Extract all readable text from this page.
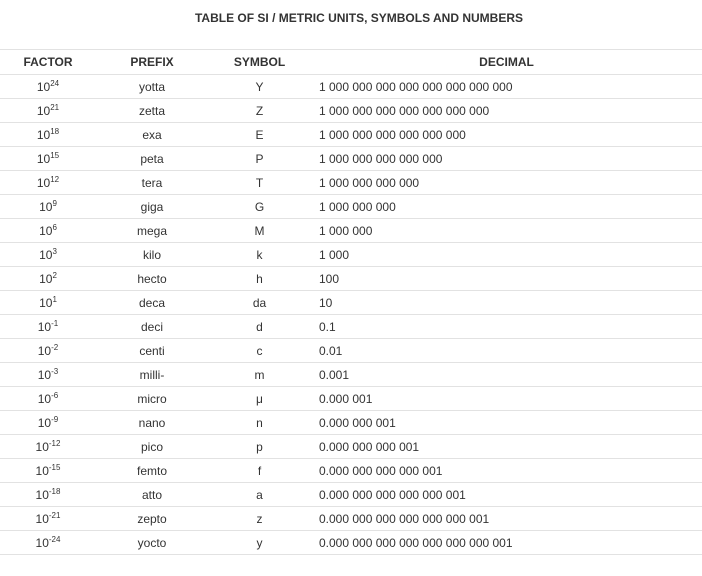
TABLE OF SI / METRIC UNITS, SYMBOLS AND NUMBERS
FACTOR	PREFIX	SYMBOL	DECIMAL
$10^{24}$	yotta	Y	1 000 000 000 000 000 000 000 000
$10^{21}$	zetta	Z	1 000 000 000 000 000 000 000
$10^{18}$	exa	E	1 000 000 000 000 000 000
$10^{15}$	peta	P	1 000 000 000 000 000
$10^{12}$	tera	T	1 000 000 000 000
$10^9$	giga	G	1 000 000 000
$10^6$	mega	M	1 000 000
$10^3$	kilo	k	1 000
$10^2$	hecto	h	100
$10^1$	deca	da	10
$10^{-1}$	deci	d	0.1
$10^{-2}$	centi	c	0.01
$10^{-3}$	milli-	m	0.001
$10^{-6}$	micro	μ	0.000 001
$10^{-9}$	nano	n	0.000 000 001
$10^{-12}$	pico	p	0.000 000 000 001
$10^{-15}$	femto	f	0.000 000 000 000 001
$10^{-18}$	atto	a	0.000 000 000 000 000 001
$10^{-21}$	zepto	z	0.000 000 000 000 000 000 001
$10^{-24}$	yocto	y	0.000 000 000 000 000 000 000 001
